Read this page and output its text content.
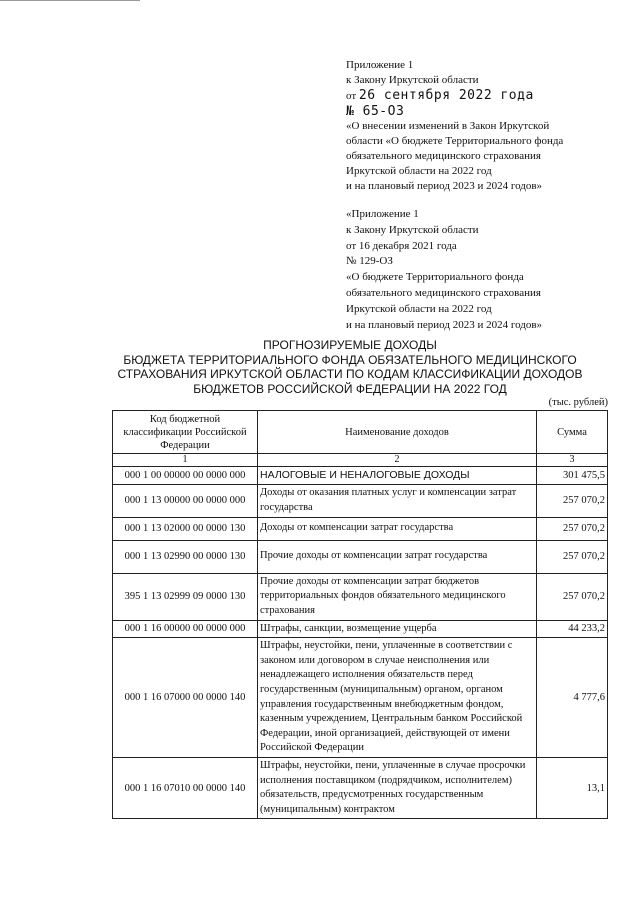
Приложение 1
к Закону Иркутской области
от 26 сентября 2022 года
№ 65-ОЗ
«О внесении изменений в Закон Иркутской
области «О бюджете Территориального фонда
обязательного медицинского страхования
Иркутской области на 2022 год
и на плановый период 2023 и 2024 годов»
«Приложение 1
к Закону Иркутской области
от 16 декабря 2021 года
№ 129-ОЗ
«О бюджете Территориального фонда
обязательного медицинского страхования
Иркутской области на 2022 год
и на плановый период 2023 и 2024 годов»
ПРОГНОЗИРУЕМЫЕ ДОХОДЫ
БЮДЖЕТА ТЕРРИТОРИАЛЬНОГО ФОНДА ОБЯЗАТЕЛЬНОГО МЕДИЦИНСКОГО
СТРАХОВАНИЯ ИРКУТСКОЙ ОБЛАСТИ ПО КОДАМ КЛАССИФИКАЦИИ ДОХОДОВ
БЮДЖЕТОВ РОССИЙСКОЙ ФЕДЕРАЦИИ НА 2022 ГОД
(тыс. рублей)
Код бюджетной классификации Российской Федерации	Наименование доходов	Сумма
1	2	3
000 1 00 00000 00 0000 000	НАЛОГОВЫЕ И НЕНАЛОГОВЫЕ ДОХОДЫ	301 475,5
000 1 13 00000 00 0000 000	Доходы от оказания платных услуг и компенсации затрат государства	257 070,2
000 1 13 02000 00 0000 130	Доходы от компенсации затрат государства	257 070,2
000 1 13 02990 00 0000 130	Прочие доходы от компенсации затрат государства	257 070,2
395 1 13 02999 09 0000 130	Прочие доходы от компенсации затрат бюджетов территориальных фондов обязательного медицинского страхования	257 070,2
000 1 16 00000 00 0000 000	Штрафы, санкции, возмещение ущерба	44 233,2
000 1 16 07000 00 0000 140	Штрафы, неустойки, пени, уплаченные в соответствии с законом или договором в случае неисполнения или ненадлежащего исполнения обязательств перед государственным (муниципальным) органом, органом управления государственным внебюджетным фондом, казенным учреждением, Центральным банком Российской Федерации, иной организацией, действующей от имени Российской Федерации	4 777,6
000 1 16 07010 00 0000 140	Штрафы, неустойки, пени, уплаченные в случае просрочки исполнения поставщиком (подрядчиком, исполнителем) обязательств, предусмотренных государственным (муниципальным) контрактом	13,1
